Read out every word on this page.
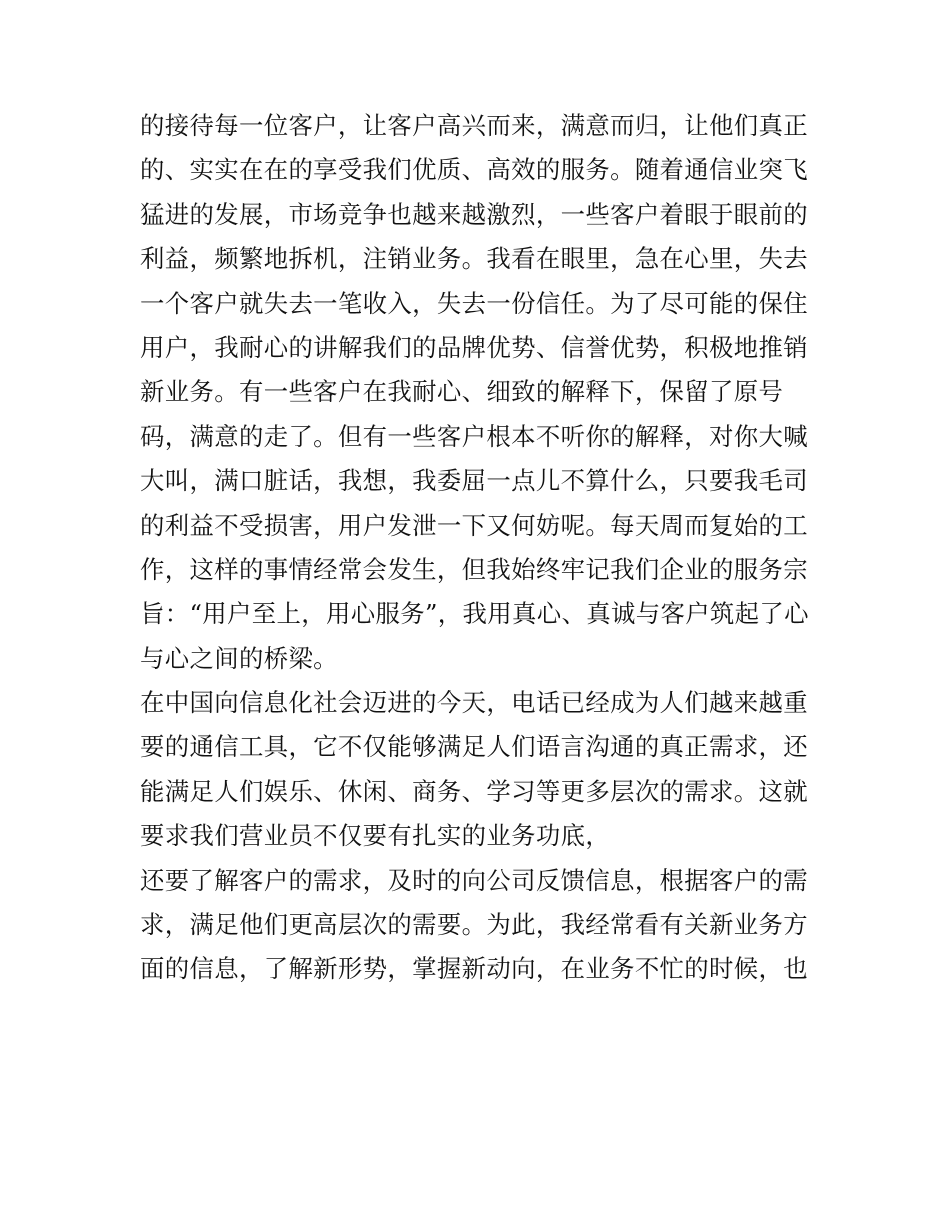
的接待每一位客户，让客户高兴而来，满意而归，让他们真正
的、实实在在的享受我们优质、高效的服务。随着通信业突飞
猛进的发展，市场竞争也越来越激烈，一些客户着眼于眼前的
利益，频繁地拆机，注销业务。我看在眼里，急在心里，失去
一个客户就失去一笔收入，失去一份信任。为了尽可能的保住
用户，我耐心的讲解我们的品牌优势、信誉优势，积极地推销
新业务。有一些客户在我耐心、细致的解释下，保留了原号
码，满意的走了。但有一些客户根本不听你的解释，对你大喊
大叫，满口脏话，我想，我委屈一点儿不算什么，只要我毛司
的利益不受损害，用户发泄一下又何妨呢。每天周而复始的工
作，这样的事情经常会发生，但我始终牢记我们企业的服务宗
旨：“用户至上，用心服务”，我用真心、真诚与客户筑起了心
与心之间的桥梁。
在中国向信息化社会迈进的今天，电话已经成为人们越来越重
要的通信工具，它不仅能够满足人们语言沟通的真正需求，还
能满足人们娱乐、休闲、商务、学习等更多层次的需求。这就
要求我们营业员不仅要有扎实的业务功底，
还要了解客户的需求，及时的向公司反馈信息，根据客户的需
求，满足他们更高层次的需要。为此，我经常看有关新业务方
面的信息，了解新形势，掌握新动向，在业务不忙的时候，也
